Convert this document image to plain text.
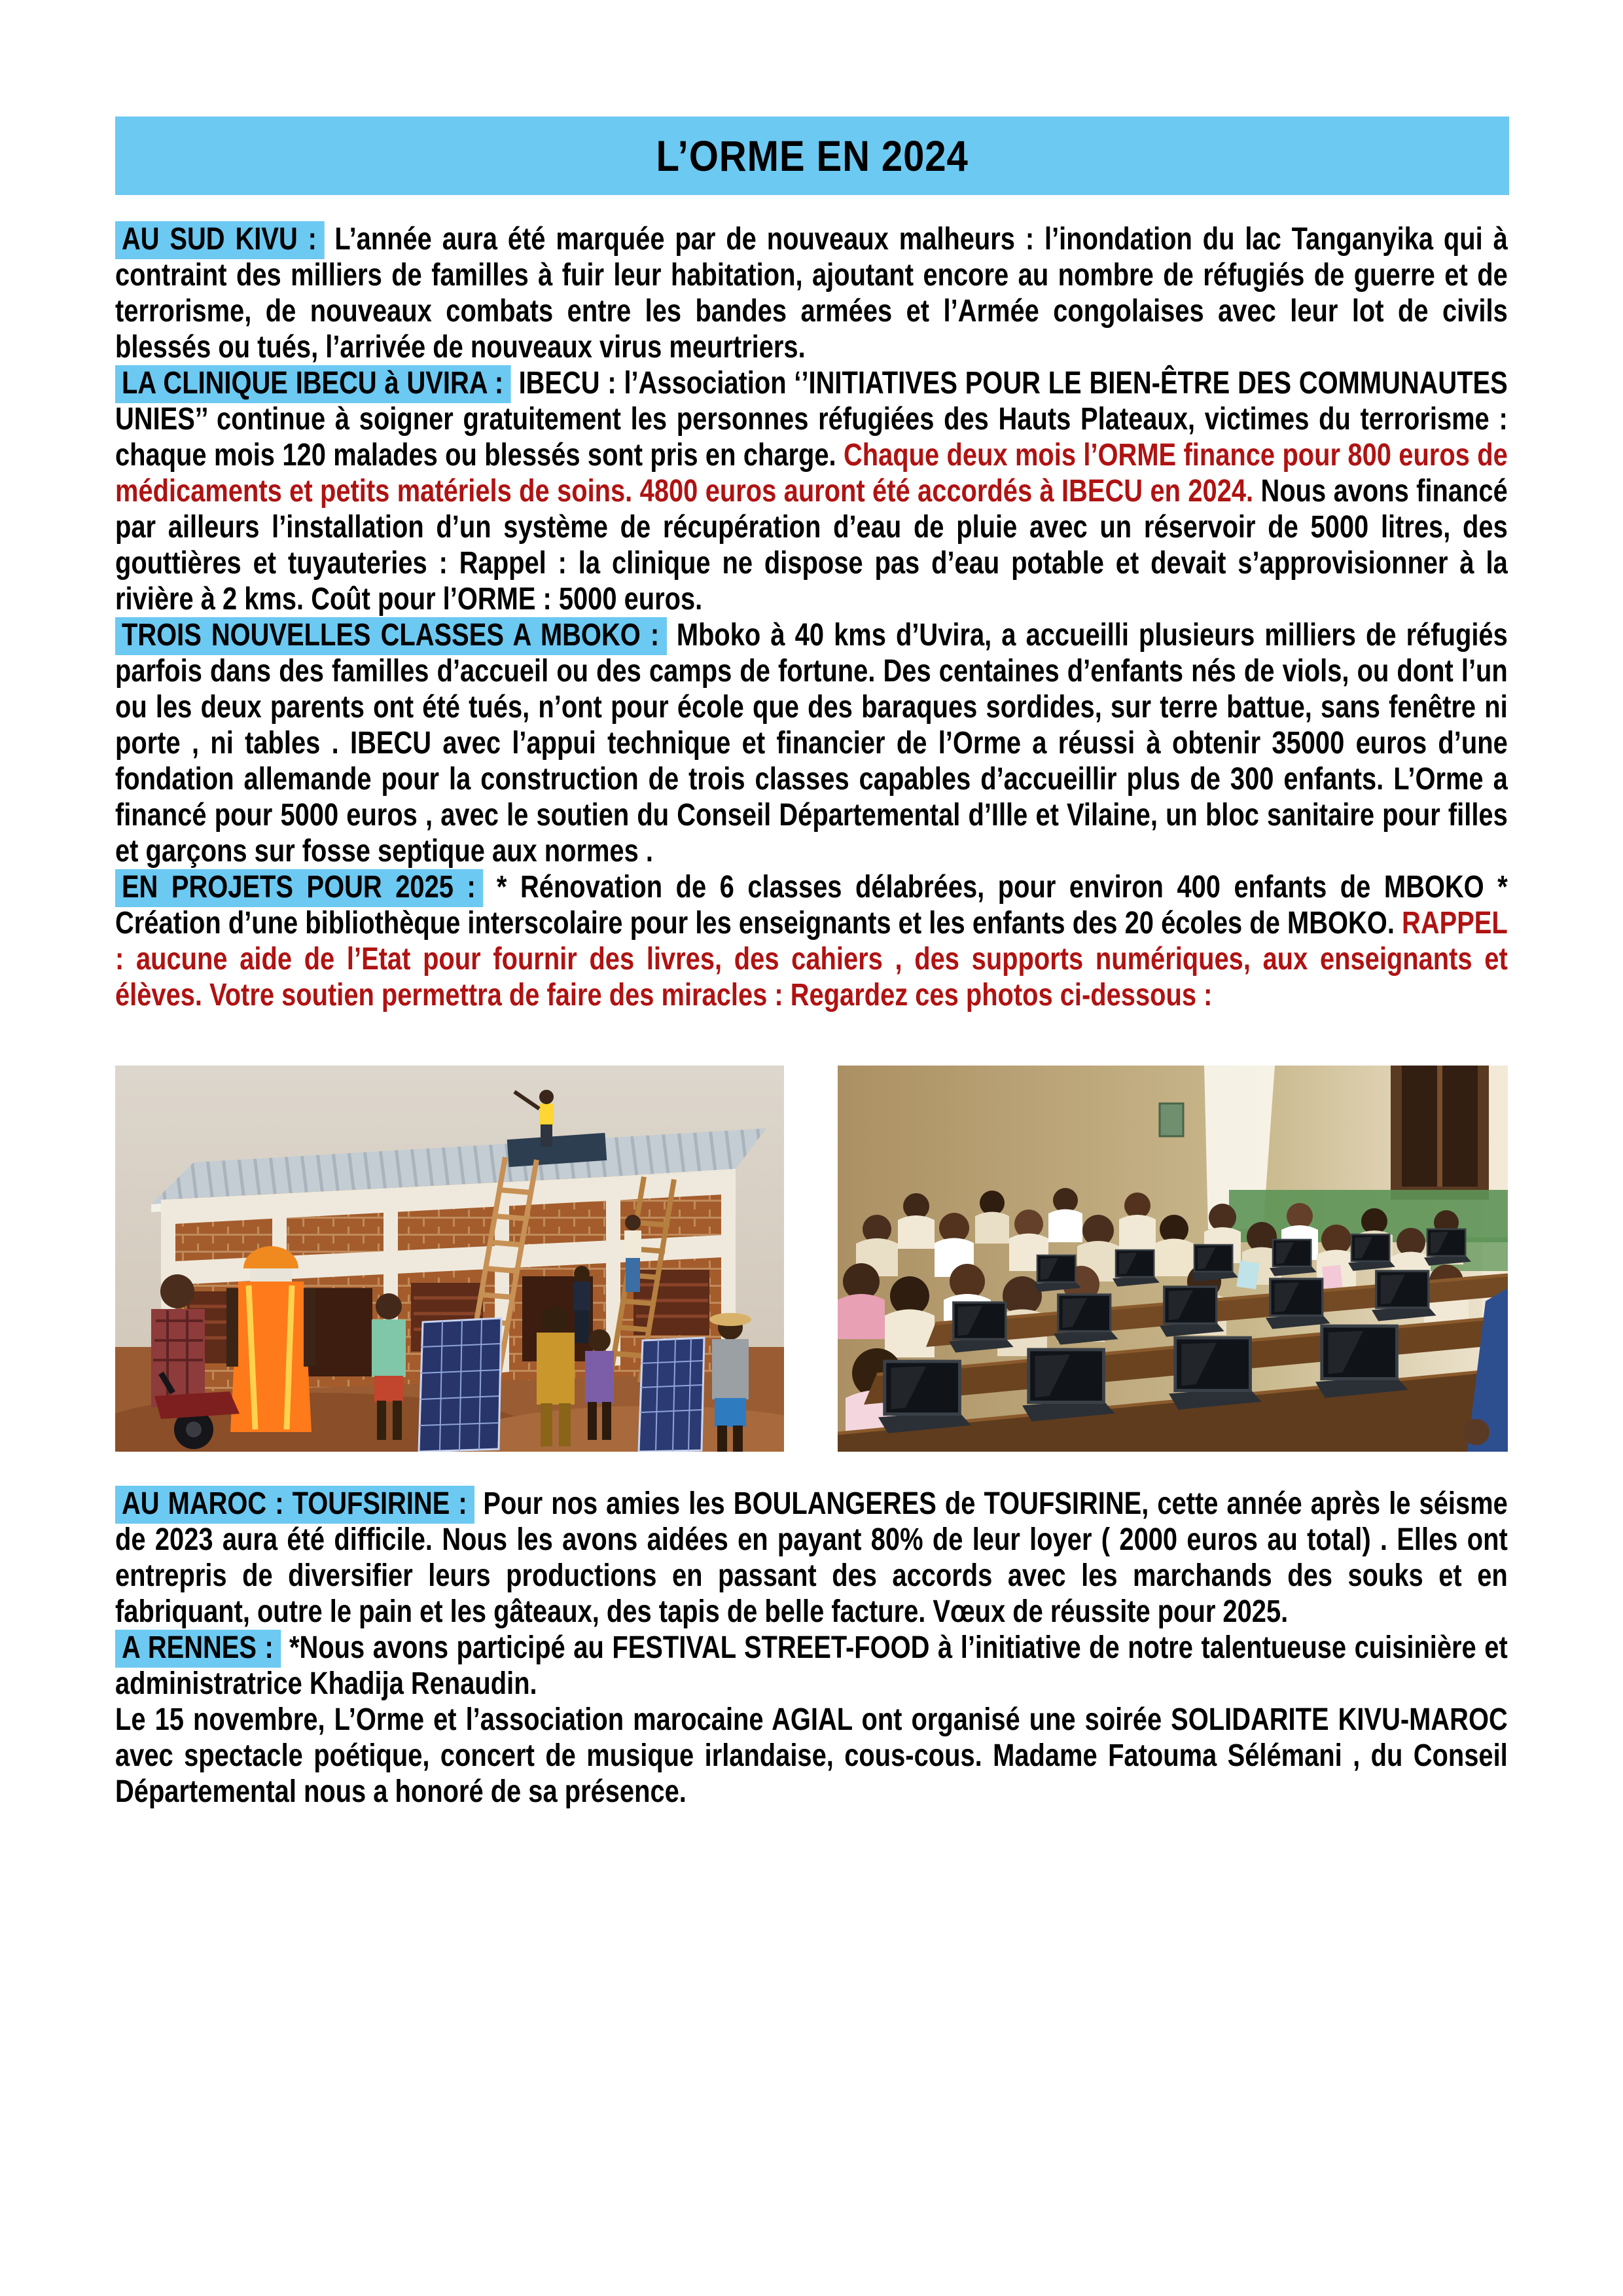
L’ORME EN 2024

AU SUD KIVU : L’année aura été marquée par de nouveaux malheurs : l’inondation du lac Tanganyika qui à contraint des milliers de familles à fuir leur habitation, ajoutant encore au nombre de réfugiés de guerre et de terrorisme, de nouveaux combats entre les bandes armées et l’Armée congolaises avec leur lot de civils blessés ou tués, l’arrivée de nouveaux virus meurtriers.

LA CLINIQUE IBECU à UVIRA : IBECU : l’Association ‘’INITIATIVES POUR LE BIEN-ÊTRE DES COMMUNAUTES UNIES’’ continue à soigner gratuitement les personnes réfugiées des Hauts Plateaux, victimes du terrorisme : chaque mois 120 malades ou blessés sont pris en charge. Chaque deux mois l’ORME finance pour 800 euros de médicaments et petits matériels de soins. 4800 euros auront été accordés à IBECU en 2024. Nous avons financé par ailleurs l’installation d’un système de récupération d’eau de pluie avec un réservoir de 5000 litres, des gouttières et tuyauteries : Rappel : la clinique ne dispose pas d’eau potable et devait s’approvisionner à la rivière à 2 kms. Coût pour l’ORME : 5000 euros.

TROIS NOUVELLES CLASSES A MBOKO : Mboko à 40 kms d’Uvira, a accueilli plusieurs milliers de réfugiés parfois dans des familles d’accueil ou des camps de fortune. Des centaines d’enfants nés de viols, ou dont l’un ou les deux parents ont été tués, n’ont pour école que des baraques sordides, sur terre battue, sans fenêtre ni porte , ni tables . IBECU avec l’appui technique et financier de l’Orme a réussi à obtenir 35000 euros d’une fondation allemande pour la construction de trois classes capables d’accueillir plus de 300 enfants. L’Orme a financé pour 5000 euros , avec le soutien du Conseil Départemental d’Ille et Vilaine, un bloc sanitaire pour filles et garçons sur fosse septique aux normes .

EN PROJETS POUR 2025 : * Rénovation de 6 classes délabrées, pour environ 400 enfants de MBOKO * Création d’une bibliothèque interscolaire pour les enseignants et les enfants des 20 écoles de MBOKO. RAPPEL : aucune aide de l’Etat pour fournir des livres, des cahiers , des supports numériques, aux enseignants et élèves. Votre soutien permettra de faire des miracles : Regardez ces photos ci-dessous :

AU MAROC : TOUFSIRINE : Pour nos amies les BOULANGERES de TOUFSIRINE, cette année après le séisme de 2023 aura été difficile. Nous les avons aidées en payant 80% de leur loyer ( 2000 euros au total) . Elles ont entrepris de diversifier leurs productions en passant des accords avec les marchands des souks et en fabriquant, outre le pain et les gâteaux, des tapis de belle facture. Vœux de réussite pour 2025.

A RENNES : *Nous avons participé au FESTIVAL STREET-FOOD à l’initiative de notre talentueuse cuisinière et administratrice Khadija Renaudin.

Le 15 novembre, L’Orme et l’association marocaine AGIAL ont organisé une soirée SOLIDARITE KIVU-MAROC avec spectacle poétique, concert de musique irlandaise, cous-cous. Madame Fatouma Sélémani , du Conseil Départemental nous a honoré de sa présence.
